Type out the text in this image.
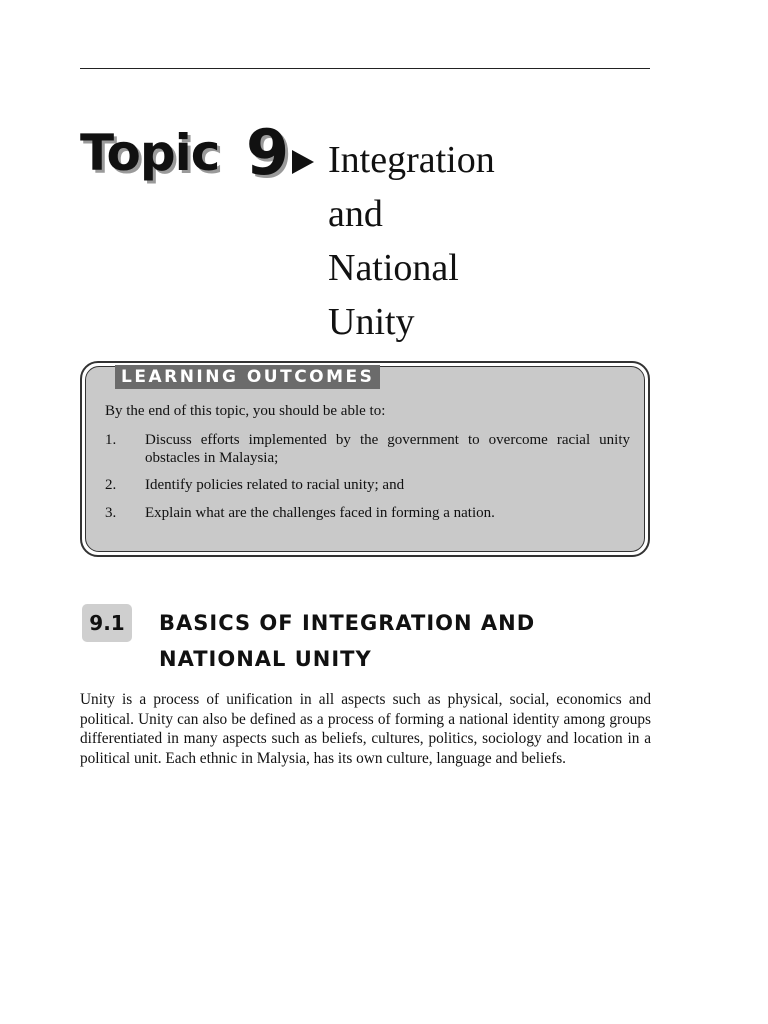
Topic 9 Integration
and
National
Unity
LEARNING OUTCOMES
By the end of this topic, you should be able to:
1. Discuss efforts implemented by the government to overcome racial unity obstacles in Malaysia;
2. Identify policies related to racial unity; and
3. Explain what are the challenges faced in forming a nation.
9.1	BASICS OF INTEGRATION AND NATIONAL UNITY

Unity is a process of unification in all aspects such as physical, social, economics and political. Unity can also be defined as a process of forming a national identity among groups differentiated in many aspects such as beliefs, cultures, politics, sociology and location in a political unit. Each ethnic in Malysia, has its own culture, language and beliefs.
